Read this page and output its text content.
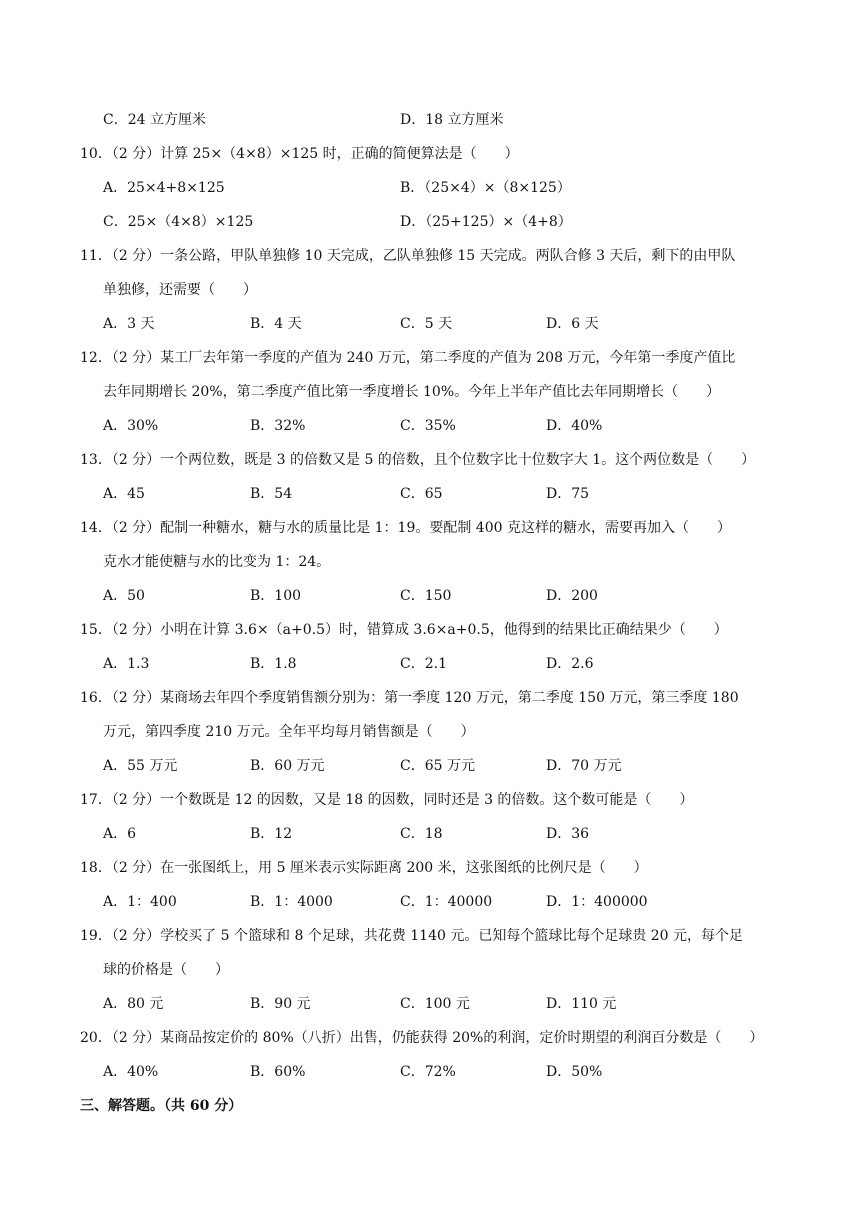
C．24 立方厘米	D．18 立方厘米
10．（2 分）计算 25×（4×8）×125 时，正确的简便算法是（　　）
A．25×4+8×125	B．（25×4）×（8×125）
C．25×（4×8）×125	D．（25+125）×（4+8）
11．（2 分）一条公路，甲队单独修 10 天完成，乙队单独修 15 天完成。两队合修 3 天后，剩下的由甲队
单独修，还需要（　　）
A．3 天	B．4 天	C．5 天	D．6 天
12．（2 分）某工厂去年第一季度的产值为 240 万元，第二季度的产值为 208 万元，今年第一季度产值比
去年同期增长 20%，第二季度产值比第一季度增长 10%。今年上半年产值比去年同期增长（　　）
A．30%	B．32%	C．35%	D．40%
13．（2 分）一个两位数，既是 3 的倍数又是 5 的倍数，且个位数字比十位数字大 1。这个两位数是（　　）
A．45	B．54	C．65	D．75
14．（2 分）配制一种糖水，糖与水的质量比是 1：19。要配制 400 克这样的糖水，需要再加入（　　）
克水才能使糖与水的比变为 1：24。
A．50	B．100	C．150	D．200
15．（2 分）小明在计算 3.6×（a+0.5）时，错算成 3.6×a+0.5，他得到的结果比正确结果少（　　）
A．1.3	B．1.8	C．2.1	D．2.6
16．（2 分）某商场去年四个季度销售额分别为：第一季度 120 万元，第二季度 150 万元，第三季度 180
万元，第四季度 210 万元。全年平均每月销售额是（　　）
A．55 万元	B．60 万元	C．65 万元	D．70 万元
17．（2 分）一个数既是 12 的因数，又是 18 的因数，同时还是 3 的倍数。这个数可能是（　　）
A．6	B．12	C．18	D．36
18．（2 分）在一张图纸上，用 5 厘米表示实际距离 200 米，这张图纸的比例尺是（　　）
A．1：400	B．1：4000	C．1：40000	D．1：400000
19．（2 分）学校买了 5 个篮球和 8 个足球，共花费 1140 元。已知每个篮球比每个足球贵 20 元，每个足
球的价格是（　　）
A．80 元	B．90 元	C．100 元	D．110 元
20．（2 分）某商品按定价的 80%（八折）出售，仍能获得 20%的利润，定价时期望的利润百分数是（　　）
A．40%	B．60%	C．72%	D．50%
三、解答题。（共 60 分）
